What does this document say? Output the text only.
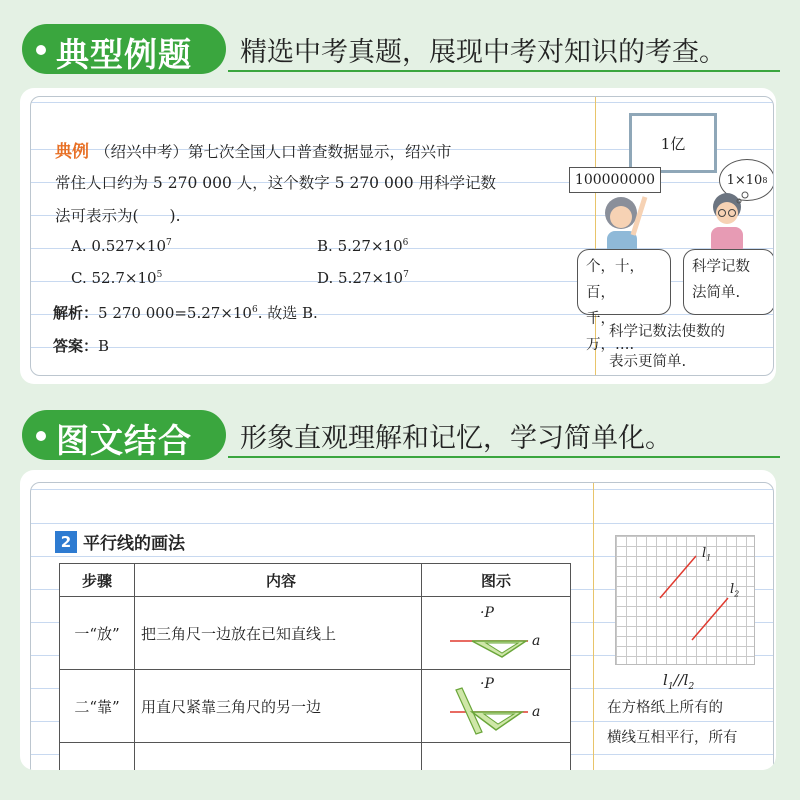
典型例题 精选中考真题，展现中考对知识的考查。
典例 （绍兴中考）第七次全国人口普查数据显示，绍兴市
常住人口约为 5 270 000 人，这个数字 5 270 000 用科学记数
法可表示为(　　).
A. $0.527\times 10^7$	B. $5.27\times 10^6$
C. $52.7\times 10^5$	D. $5.27\times 10^7$
解析：5 270 $000=5.27\times 10^6$. 故选 B.
答案：B
1亿
100000000	1×10 8
个，十，百，
千，万，….
科学记数
法简单.
科学记数法使数的
表示更简单.
图文结合 形象直观理解和记忆，学习简单化。
2 平行线的画法
步骤	内容	图示
一“放”	把三角尺一边放在已知直线上	·P
a

二“靠”	用直尺紧靠三角尺的另一边	·P
a

$l_1$
$l_2$
$l_1//l_2$
在方格纸上所有的
横线互相平行，所有
